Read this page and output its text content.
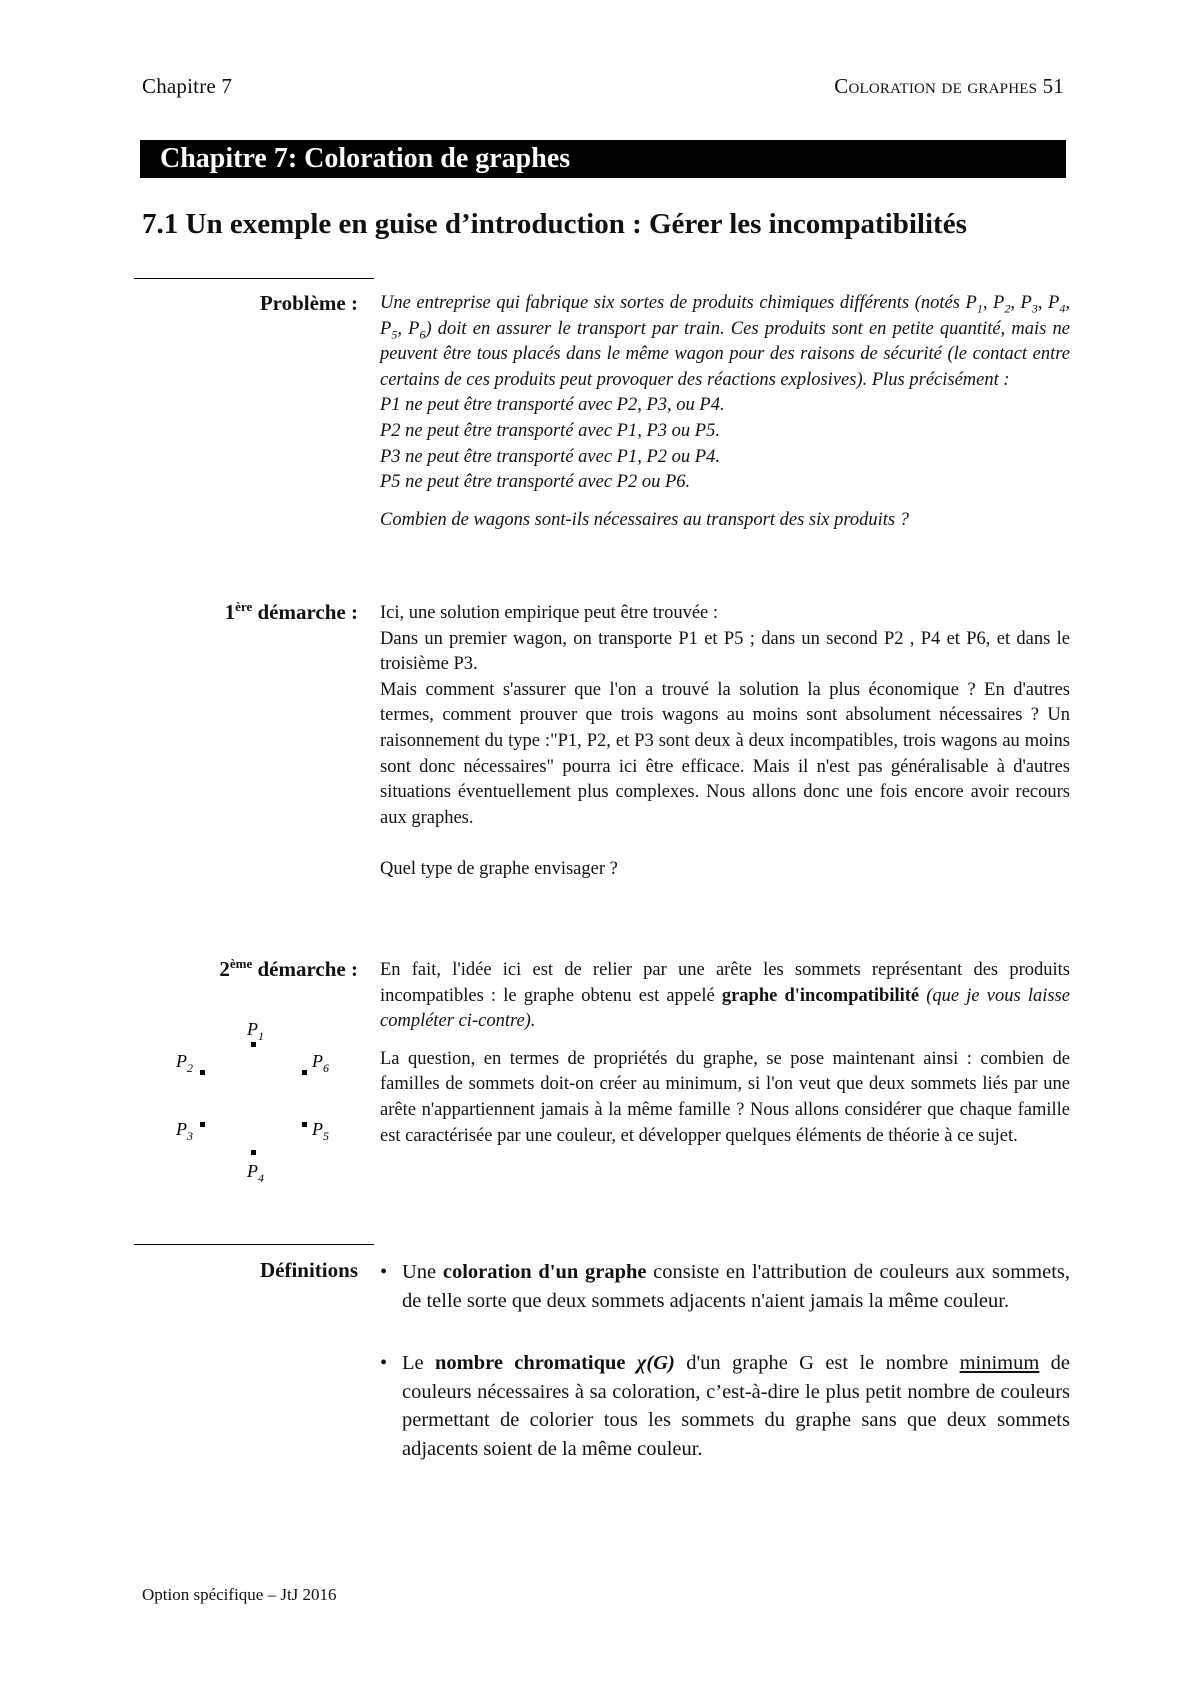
Chapitre 7	Coloration de graphes 51
Chapitre 7: Coloration de graphes
7.1 Un exemple en guise d’introduction : Gérer les incompatibilités
Problème : Une entreprise qui fabrique six sortes de produits chimiques différents (notés $P_1$, $P_2$, $P_3$, $P_4$, $P_5$, $P_6$) doit en assurer le transport par train. Ces produits sont en petite quantité, mais ne peuvent être tous placés dans le même wagon pour des raisons de sécurité (le contact entre certains de ces produits peut provoquer des réactions explosives). Plus précisément :

P1 ne peut être transporté avec P2, P3, ou P4.

P2 ne peut être transporté avec P1, P3 ou P5.

P3 ne peut être transporté avec P1, P2 ou P4.

P5 ne peut être transporté avec P2 ou P6.

Combien de wagons sont-ils nécessaires au transport des six produits ?

1ère démarche : Ici, une solution empirique peut être trouvée :

Dans un premier wagon, on transporte P1 et P5 ; dans un second P2 , P4 et P6, et dans le troisième P3.

Mais comment s'assurer que l'on a trouvé la solution la plus économique ? En d'autres termes, comment prouver que trois wagons au moins sont absolument nécessaires ? Un raisonnement du type :"P1, P2, et P3 sont deux à deux incompatibles, trois wagons au moins sont donc nécessaires" pourra ici être efficace. Mais il n'est pas généralisable à d'autres situations éventuellement plus complexes. Nous allons donc une fois encore avoir recours aux graphes.

Quel type de graphe envisager ?

2ème démarche : En fait, l'idée ici est de relier par une arête les sommets représentant des produits incompatibles : le graphe obtenu est appelé graphe d'incompatibilité (que je vous laisse compléter ci-contre).

La question, en termes de propriétés du graphe, se pose maintenant ainsi : combien de familles de sommets doit-on créer au minimum, si l'on veut que deux sommets liés par une arête n'appartiennent jamais à la même famille ? Nous allons considérer que chaque famille est caractérisée par une couleur, et développer quelques éléments de théorie à ce sujet.

$P_1$
$P_2$	$P_6$
$P_3$	$P_5$
$P_4$
Définitions • Une coloration d'un graphe consiste en l'attribution de couleurs aux sommets, de telle sorte que deux sommets adjacents n'aient jamais la même couleur.
• Le nombre chromatique χ(G) d'un graphe G est le nombre minimum de couleurs nécessaires à sa coloration, c’est-à-dire le plus petit nombre de couleurs permettant de colorier tous les sommets du graphe sans que deux sommets adjacents soient de la même couleur.
Option spécifique – JtJ 2016
